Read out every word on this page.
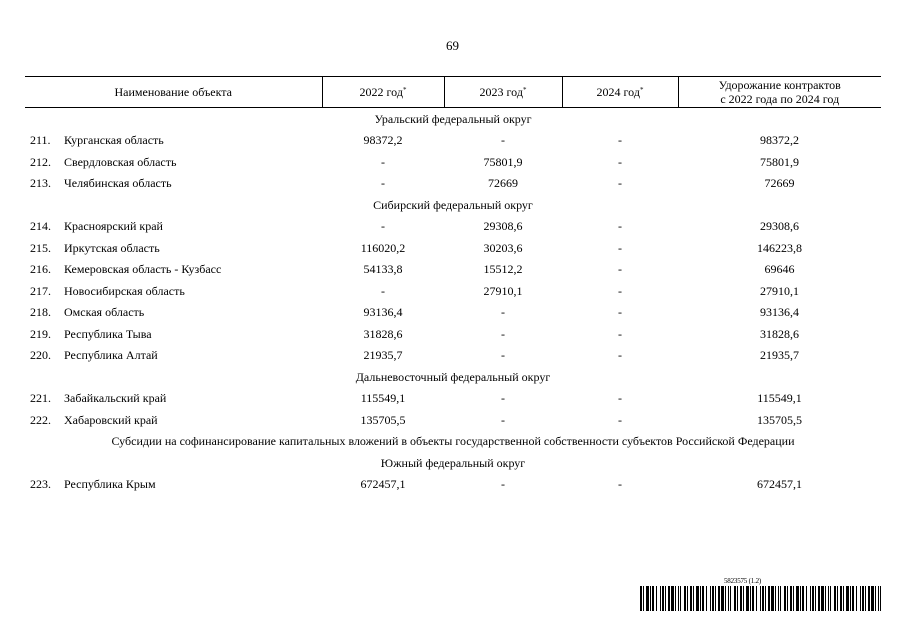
69
Наименование объекта		2022 год*	2023 год*	2024 год*	Удорожание контрактов
с 2022 года по 2024 год
Уральский федеральный округ					
211.	Курганская область	98372,2	-	-	98372,2
212.	Свердловская область	-	75801,9	-	75801,9
213.	Челябинская область	-	72669	-	72669
Сибирский федеральный округ					
214.	Красноярский край	-	29308,6	-	29308,6
215.	Иркутская область	116020,2	30203,6	-	146223,8
216.	Кемеровская область - Кузбасс	54133,8	15512,2	-	69646
217.	Новосибирская область	-	27910,1	-	27910,1
218.	Омская область	93136,4	-	-	93136,4
219.	Республика Тыва	31828,6	-	-	31828,6
220.	Республика Алтай	21935,7	-	-	21935,7
Дальневосточный федеральный округ					
221.	Забайкальский край	115549,1	-	-	115549,1
222.	Хабаровский край	135705,5	-	-	135705,5
Субсидии на софинансирование капитальных вложений в объекты государственной собственности субъектов Российской Федерации					
Южный федеральный округ					
223.	Республика Крым	672457,1	-	-	672457,1
5823575 (1.2)
